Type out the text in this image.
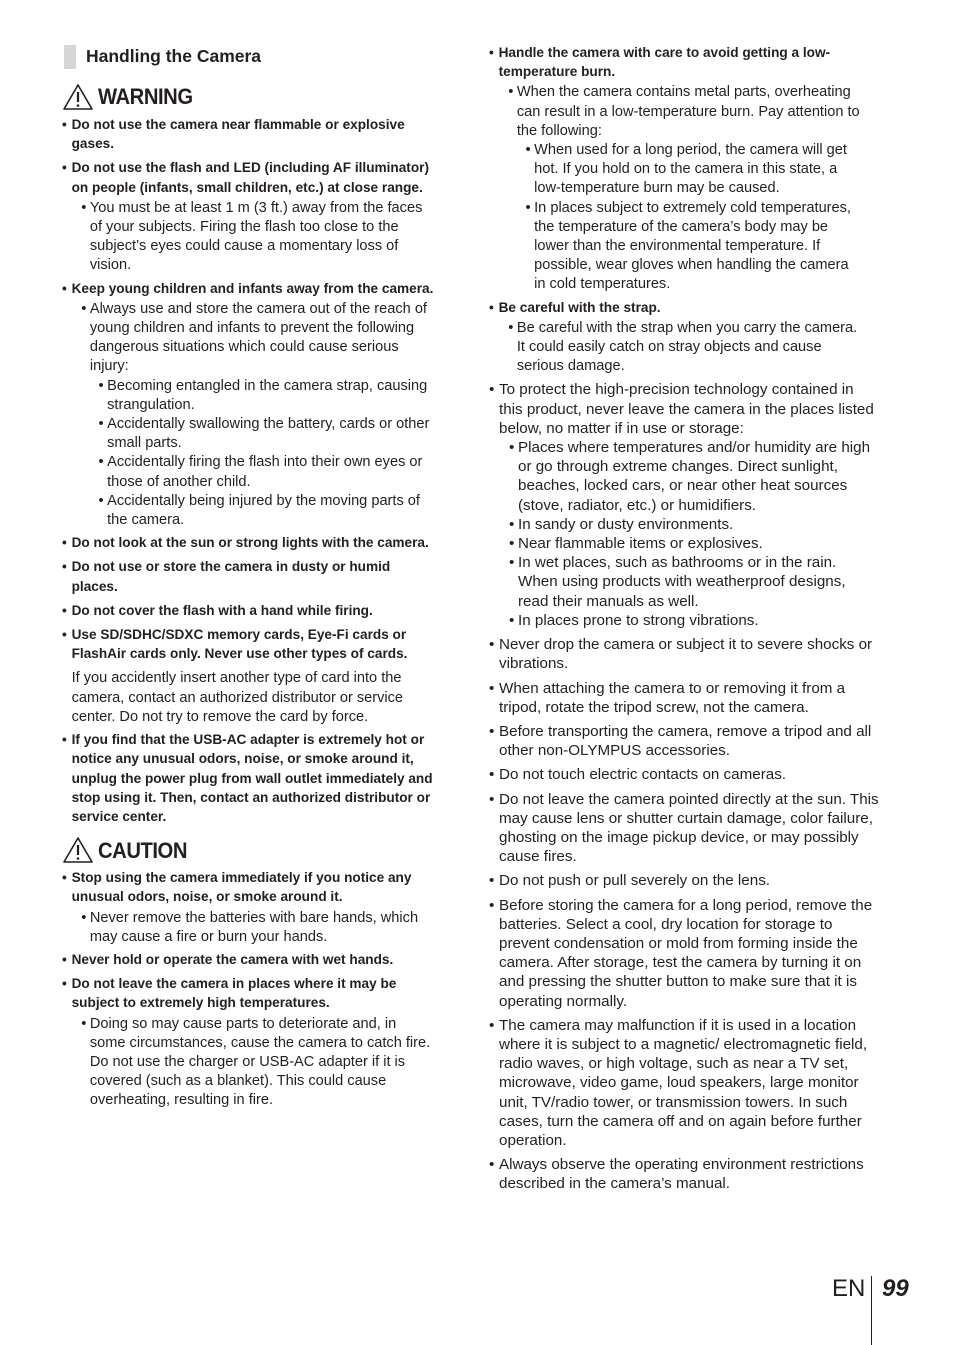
Handling the Camera
WARNING
• Do not use the camera near flammable or explosive gases.
• Do not use the flash and LED (including AF illuminator) on people (infants, small children, etc.) at close range.
• You must be at least 1 m (3 ft.) away from the faces of your subjects. Firing the flash too close to the subject’s eyes could cause a momentary loss of vision.
• Keep young children and infants away from the camera.
• Always use and store the camera out of the reach of young children and infants to prevent the following dangerous situations which could cause serious injury:
• Becoming entangled in the camera strap, causing strangulation.
• Accidentally swallowing the battery, cards or other small parts.
• Accidentally firing the flash into their own eyes or those of another child.
• Accidentally being injured by the moving parts of the camera.
• Do not look at the sun or strong lights with the camera.
• Do not use or store the camera in dusty or humid places.
• Do not cover the flash with a hand while firing.
• Use SD/SDHC/SDXC memory cards, Eye-Fi cards or FlashAir cards only. Never use other types of cards.
If you accidently insert another type of card into the camera, contact an authorized distributor or service center. Do not try to remove the card by force.
• If you find that the USB-AC adapter is extremely hot or notice any unusual odors, noise, or smoke around it, unplug the power plug from wall outlet immediately and stop using it. Then, contact an authorized distributor or service center.
CAUTION
• Stop using the camera immediately if you notice any unusual odors, noise, or smoke around it.
• Never remove the batteries with bare hands, which may cause a fire or burn your hands.
• Never hold or operate the camera with wet hands.
• Do not leave the camera in places where it may be subject to extremely high temperatures.
• Doing so may cause parts to deteriorate and, in some circumstances, cause the camera to catch fire. Do not use the charger or USB-AC adapter if it is covered (such as a blanket). This could cause overheating, resulting in fire.
• Handle the camera with care to avoid getting a low-temperature burn.
• When the camera contains metal parts, overheating can result in a low-temperature burn. Pay attention to the following:
• When used for a long period, the camera will get hot. If you hold on to the camera in this state, a low-temperature burn may be caused.
• In places subject to extremely cold temperatures, the temperature of the camera’s body may be lower than the environmental temperature. If possible, wear gloves when handling the camera in cold temperatures.
• Be careful with the strap.
• Be careful with the strap when you carry the camera. It could easily catch on stray objects and cause serious damage.
• To protect the high-precision technology contained in this product, never leave the camera in the places listed below, no matter if in use or storage:
• Places where temperatures and/or humidity are high or go through extreme changes. Direct sunlight, beaches, locked cars, or near other heat sources (stove, radiator, etc.) or humidifiers.
• In sandy or dusty environments.
• Near flammable items or explosives.
• In wet places, such as bathrooms or in the rain. When using products with weatherproof designs, read their manuals as well.
• In places prone to strong vibrations.
• Never drop the camera or subject it to severe shocks or vibrations.
• When attaching the camera to or removing it from a tripod, rotate the tripod screw, not the camera.
• Before transporting the camera, remove a tripod and all other non-OLYMPUS accessories.
• Do not touch electric contacts on cameras.
• Do not leave the camera pointed directly at the sun. This may cause lens or shutter curtain damage, color failure, ghosting on the image pickup device, or may possibly cause fires.
• Do not push or pull severely on the lens.
• Before storing the camera for a long period, remove the batteries. Select a cool, dry location for storage to prevent condensation or mold from forming inside the camera. After storage, test the camera by turning it on and pressing the shutter button to make sure that it is operating normally.
• The camera may malfunction if it is used in a location where it is subject to a magnetic/ electromagnetic field, radio waves, or high voltage, such as near a TV set, microwave, video game, loud speakers, large monitor unit, TV/radio tower, or transmission towers. In such cases, turn the camera off and on again before further operation.
• Always observe the operating environment restrictions described in the camera’s manual.
EN 99
